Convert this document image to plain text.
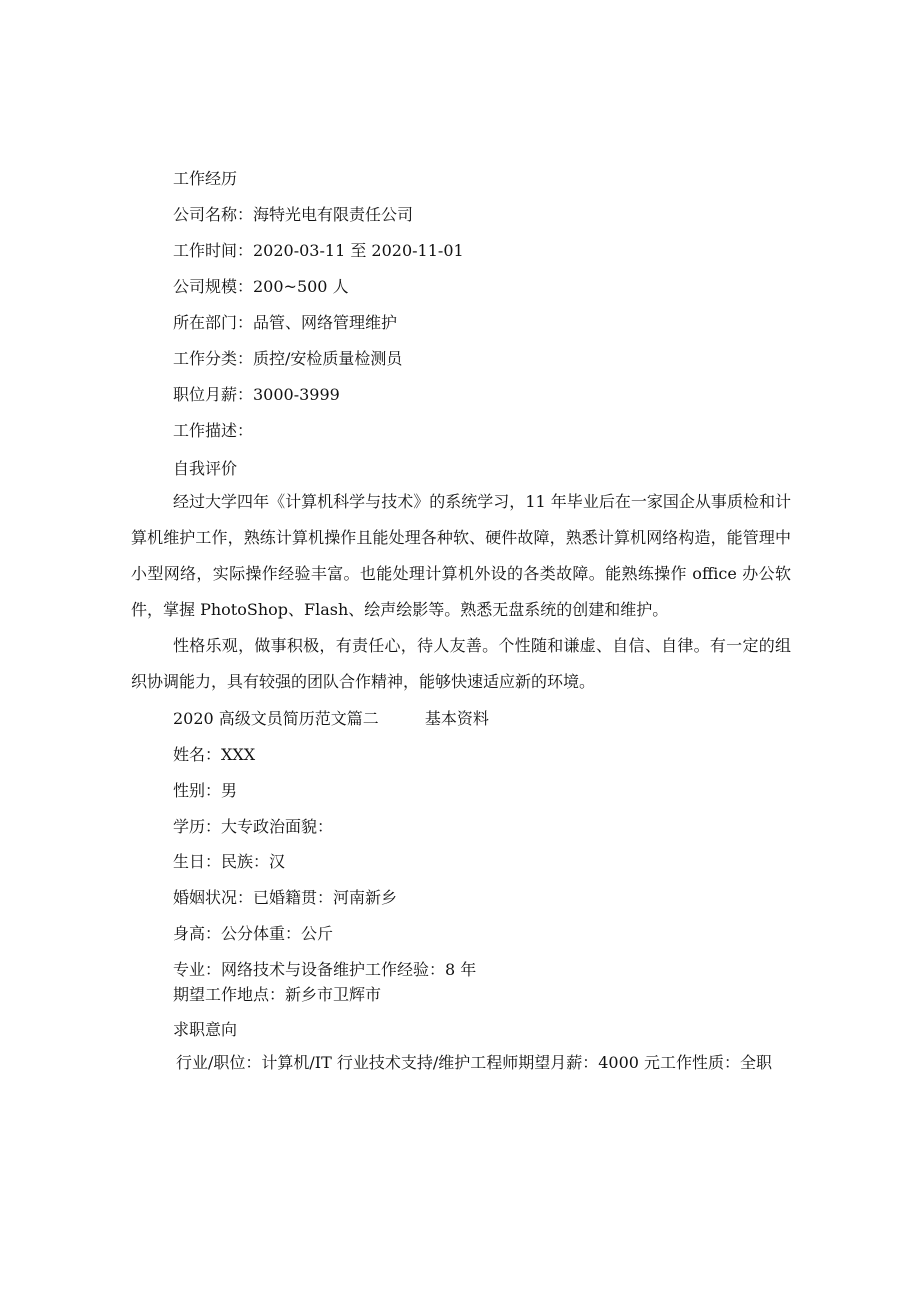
工作经历
公司名称：海特光电有限责任公司
工作时间：2020-03-11 至 2020-11-01
公司规模：200~500 人
所在部门：品管、网络管理维护
工作分类：质控/安检质量检测员
职位月薪：3000-3999
工作描述：
自我评价

经过大学四年《计算机科学与技术》的系统学习，11 年毕业后在一家国企从事质检和计算机维护工作，熟练计算机操作且能处理各种软、硬件故障，熟悉计算机网络构造，能管理中小型网络，实际操作经验丰富。也能处理计算机外设的各类故障。能熟练操作 office 办公软件，掌握 PhotoShop、Flash、绘声绘影等。熟悉无盘系统的创建和维护。

性格乐观，做事积极，有责任心，待人友善。个性随和谦虚、自信、自律。有一定的组织协调能力，具有较强的团队合作精神，能够快速适应新的环境。

2020 高级文员简历范文篇二	基本资料
姓名：XXX
性别：男
学历：大专政治面貌：
生日：民族：汉
婚姻状况：已婚籍贯：河南新乡
身高：公分体重：公斤
专业：网络技术与设备维护工作经验：8 年
期望工作地点：新乡市卫辉市
求职意向

行业/职位：计算机/IT 行业技术支持/维护工程师期望月薪：4000 元工作性质：全职
